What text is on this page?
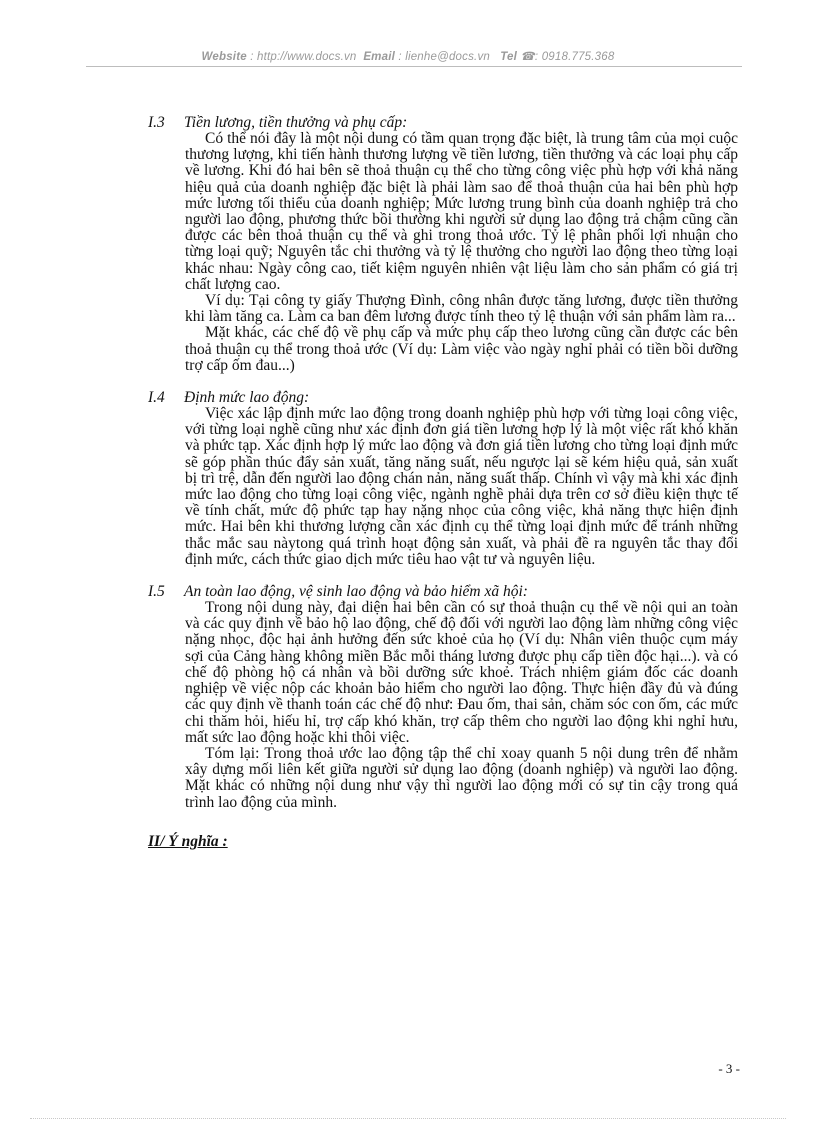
Website : http://www.docs.vn Email : lienhe@docs.vn Tel ☎: 0918.775.368

I.3 Tiền lương, tiền thưởng và phụ cấp:

Có thể nói đây là một nội dung có tầm quan trọng đặc biệt, là trung tâm của mọi cuộc thương lượng, khi tiến hành thương lượng về tiền lương, tiền thưởng và các loại phụ cấp về lương. Khi đó hai bên sẽ thoả thuận cụ thể cho từng công việc phù hợp với khả năng hiệu quả của doanh nghiệp đặc biệt là phải làm sao để thoả thuận của hai bên phù hợp mức lương tối thiểu của doanh nghiệp; Mức lương trung bình của doanh nghiệp trả cho người lao động, phương thức bồi thường khi người sử dụng lao động trả chậm cũng cần được các bên thoả thuận cụ thể và ghi trong thoả ước. Tỷ lệ phân phối lợi nhuận cho từng loại quỹ; Nguyên tắc chi thưởng và tỷ lệ thưởng cho người lao động theo từng loại khác nhau: Ngày công cao, tiết kiệm nguyên nhiên vật liệu làm cho sản phẩm có giá trị chất lượng cao.

Ví dụ: Tại công ty giấy Thượng Đình, công nhân được tăng lương, được tiền thưởng khi làm tăng ca. Làm ca ban đêm lương được tính theo tỷ lệ thuận với sản phẩm làm ra...

Mặt khác, các chế độ về phụ cấp và mức phụ cấp theo lương cũng cần được các bên thoả thuận cụ thể trong thoả ước (Ví dụ: Làm việc vào ngày nghỉ phải có tiền bồi dưỡng trợ cấp ốm đau...)

I.4 Định mức lao động:

Việc xác lập định mức lao động trong doanh nghiệp phù hợp với từng loại công việc, với từng loại nghề cũng như xác định đơn giá tiền lương hợp lý là một việc rất khó khăn và phức tạp. Xác định hợp lý mức lao động và đơn giá tiền lương cho từng loại định mức sẽ góp phần thúc đẩy sản xuất, tăng năng suất, nếu ngược lại sẽ kém hiệu quả, sản xuất bị trì trệ, dẫn đến người lao động chán nản, năng suất thấp. Chính vì vậy mà khi xác định mức lao động cho từng loại công việc, ngành nghề phải dựa trên cơ sở điều kiện thực tế về tính chất, mức độ phức tạp hay nặng nhọc của công việc, khả năng thực hiện định mức. Hai bên khi thương lượng cần xác định cụ thể từng loại định mức để tránh những thắc mắc sau nàytong quá trình hoạt động sản xuất, và phải đề ra nguyên tắc thay đổi định mức, cách thức giao dịch mức tiêu hao vật tư và nguyên liệu.

I.5 An toàn lao động, vệ sinh lao động và bảo hiểm xã hội:

Trong nội dung này, đại diện hai bên cần có sự thoả thuận cụ thể về nội qui an toàn và các quy định về bảo hộ lao động, chế độ đối với người lao động làm những công việc nặng nhọc, độc hại ảnh hưởng đến sức khoẻ của họ (Ví dụ: Nhân viên thuộc cụm máy sợi của Cảng hàng không miền Bắc mỗi tháng lương được phụ cấp tiền độc hại...). và có chế độ phòng hộ cá nhân và bồi dưỡng sức khoẻ. Trách nhiệm giám đốc các doanh nghiệp về việc nộp các khoản bảo hiểm cho người lao động. Thực hiện đầy đủ và đúng các quy định về thanh toán các chế độ như: Đau ốm, thai sản, chăm sóc con ốm, các mức chi thăm hỏi, hiếu hỉ, trợ cấp khó khăn, trợ cấp thêm cho người lao động khi nghỉ hưu, mất sức lao động hoặc khi thôi việc.

Tóm lại: Trong thoả ước lao động tập thể chỉ xoay quanh 5 nội dung trên để nhằm xây dựng mối liên kết giữa người sử dụng lao động (doanh nghiệp) và người lao động. Mặt khác có những nội dung như vậy thì người lao động mới có sự tin cậy trong quá trình lao động của mình.

II/ Ý nghĩa :
- 3 -
